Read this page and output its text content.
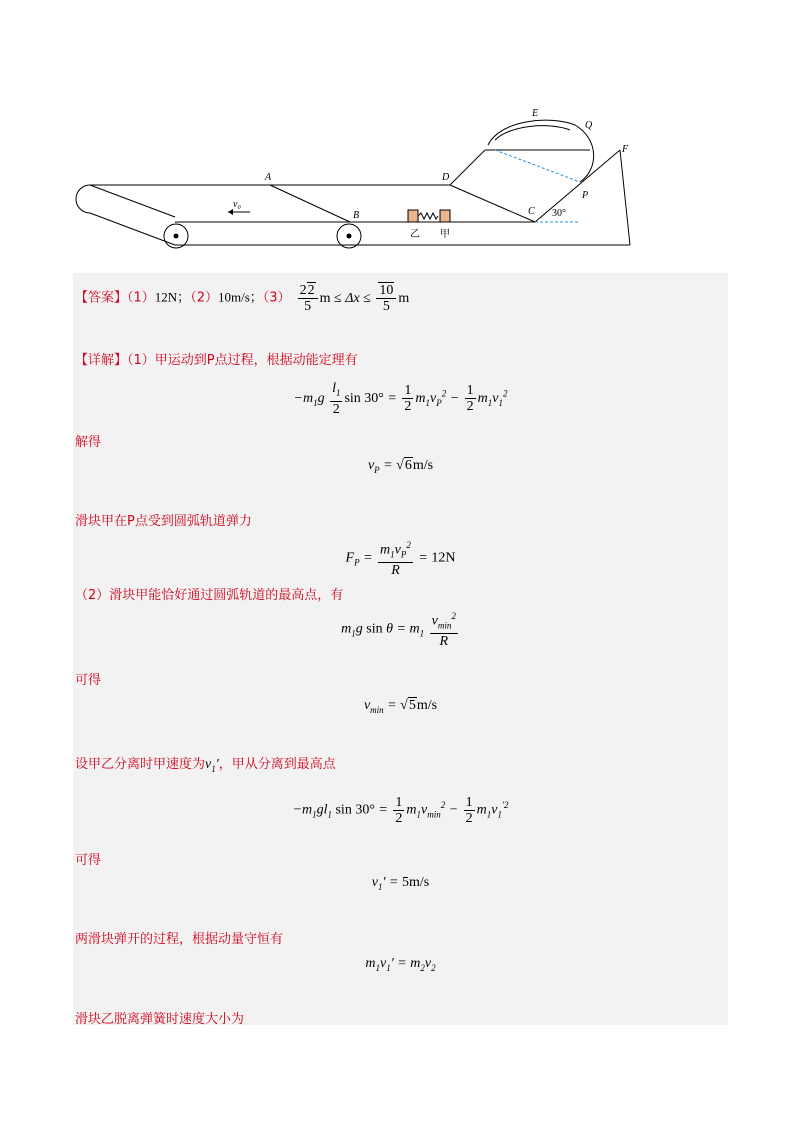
A
B	C
D
E
F
P
Q
v₀
乙 甲
30°
【答案】（1）12N；（2）10m/s；$(3) \frac{22}{5}$ $m \le \Delta x \le \frac{10}{5}$ m
【详解】（1）甲运动到P点过程，根据动能定理有
$-m_1g \frac{l_1}{2}$ $\sin 30^\circ = \frac{1}{2} m_1v_P^2 - \frac{1}{2} m_1v_1^2$
解得
$v_P = √6m/s$
滑块甲在P点受到圆弧轨道弹力
$F_P = \frac{m_1v_P^2}{R} = 12N$
（2）滑块甲能恰好通过圆弧轨道的最高点，有
$m_1g$ $\sin \theta = m_1 \frac{v_{min}^2}{R}$
可得
$v_{min} = √5m/s$
设甲乙分离时甲速度为$v_1'$，甲从分离到最高点
$-m_1gl_1$ $\sin 30^\circ = \frac{1}{2} m_1v_{min}^2 - \frac{1}{2} m_1v_1^{'2}$
可得
$v_1' = 5m/s$
两滑块弹开的过程，根据动量守恒有
$m_1v_1' = m_2v_2$
滑块乙脱离弹簧时速度大小为
